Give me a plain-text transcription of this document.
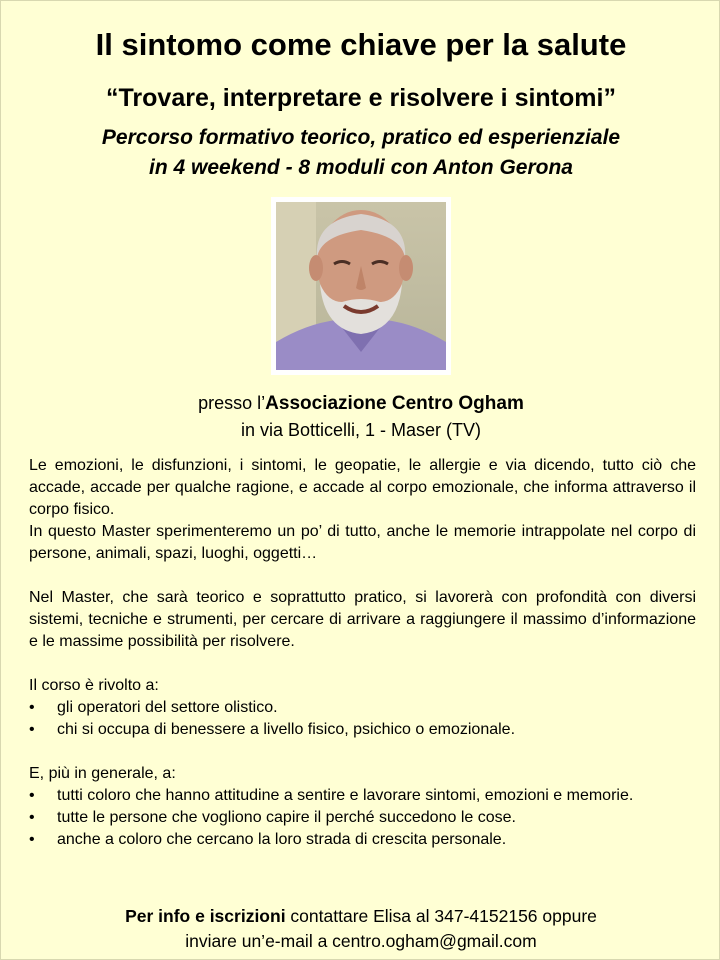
Il sintomo come chiave per la salute
“Trovare, interpretare e risolvere i sintomi”
Percorso formativo teorico, pratico ed esperienziale
in 4 weekend - 8 moduli con Anton Gerona
presso l’Associazione Centro Ogham
in via Botticelli, 1 - Maser (TV)

Le emozioni, le disfunzioni, i sintomi, le geopatie, le allergie e via dicendo, tutto ciò che accade, accade per qualche ragione, e accade al corpo emozionale, che informa attraverso il corpo fisico.

In questo Master sperimenteremo un po’ di tutto, anche le memorie intrappolate nel corpo di persone, animali, spazi, luoghi, oggetti…

Nel Master, che sarà teorico e soprattutto pratico, si lavorerà con profondità con diversi sistemi, tecniche e strumenti, per cercare di arrivare a raggiungere il massimo d’informazione e le massime possibilità per risolvere.

Il corso è rivolto a:

• gli operatori del settore olistico.
• chi si occupa di benessere a livello fisico, psichico o emozionale.

E, più in generale, a:

• tutti coloro che hanno attitudine a sentire e lavorare sintomi, emozioni e memorie.
• tutte le persone che vogliono capire il perché succedono le cose.
• anche a coloro che cercano la loro strada di crescita personale.
Per info e iscrizioni contattare Elisa al 347-4152156 oppure
inviare un’e-mail a centro.ogham@gmail.com
